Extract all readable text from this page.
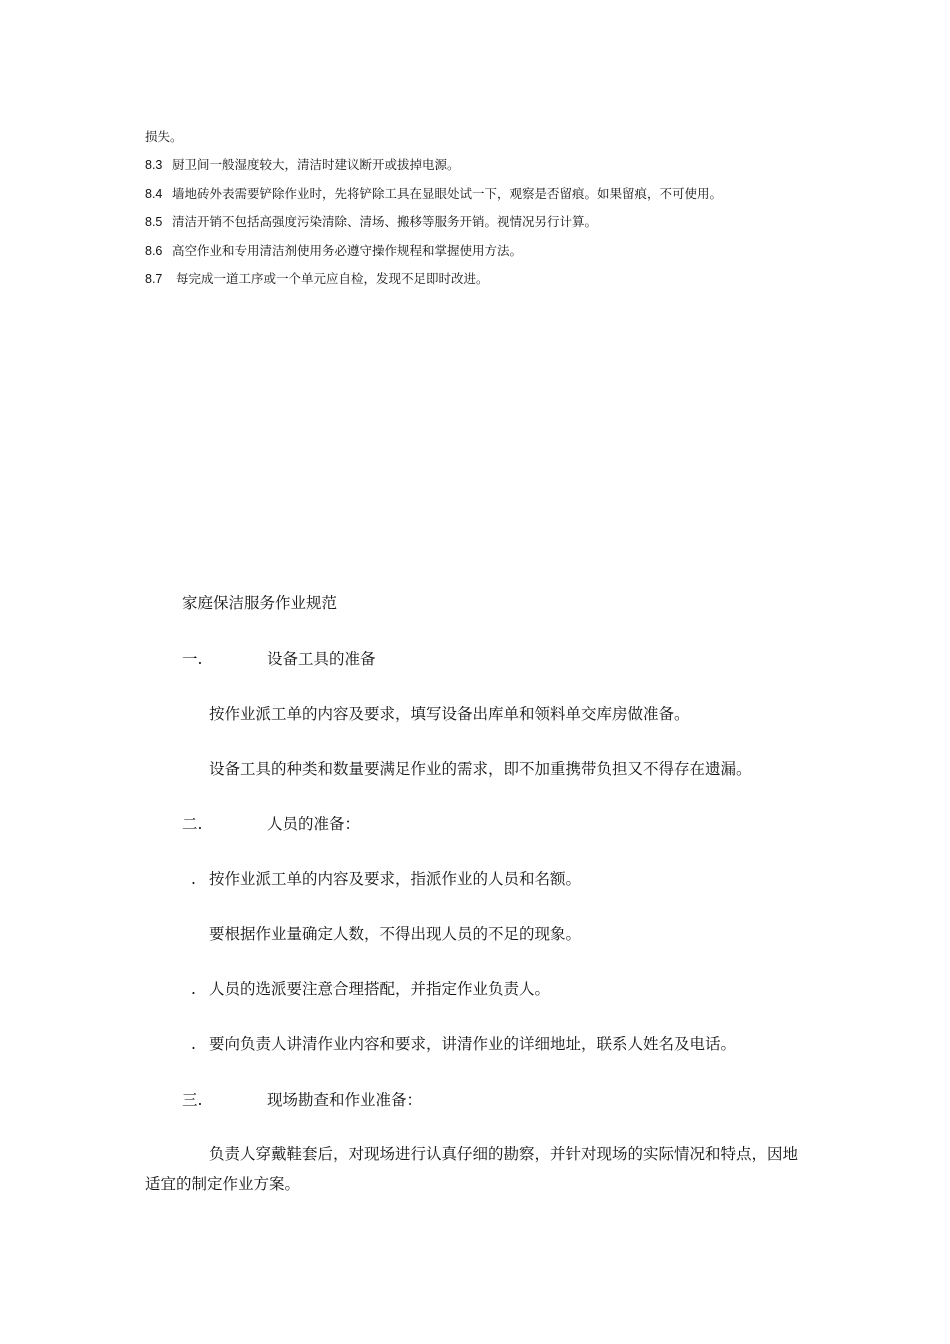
损失。
8.3 厨卫间一般湿度较大，清洁时建议断开或拔掉电源。
8.4 墙地砖外表需要铲除作业时，先将铲除工具在显眼处试一下，观察是否留痕。如果留痕，不可使用。
8.5 清洁开销不包括高强度污染清除、清场、搬移等服务开销。视情况另行计算。
8.6 高空作业和专用清洁剂使用务必遵守操作规程和掌握使用方法。
8.7 每完成一道工序或一个单元应自检，发现不足即时改进。
家庭保洁服务作业规范
一.	设备工具的准备
按作业派工单的内容及要求，填写设备出库单和领料单交库房做准备。
设备工具的种类和数量要满足作业的需求，即不加重携带负担又不得存在遗漏。
二.	人员的准备：
. 按作业派工单的内容及要求，指派作业的人员和名额。
要根据作业量确定人数，不得出现人员的不足的现象。
. 人员的选派要注意合理搭配，并指定作业负责人。
. 要向负责人讲清作业内容和要求，讲清作业的详细地址，联系人姓名及电话。
三.	现场勘查和作业准备：
负责人穿戴鞋套后，对现场进行认真仔细的勘察，并针对现场的实际情况和特点，因地适宜的制定作业方案。
